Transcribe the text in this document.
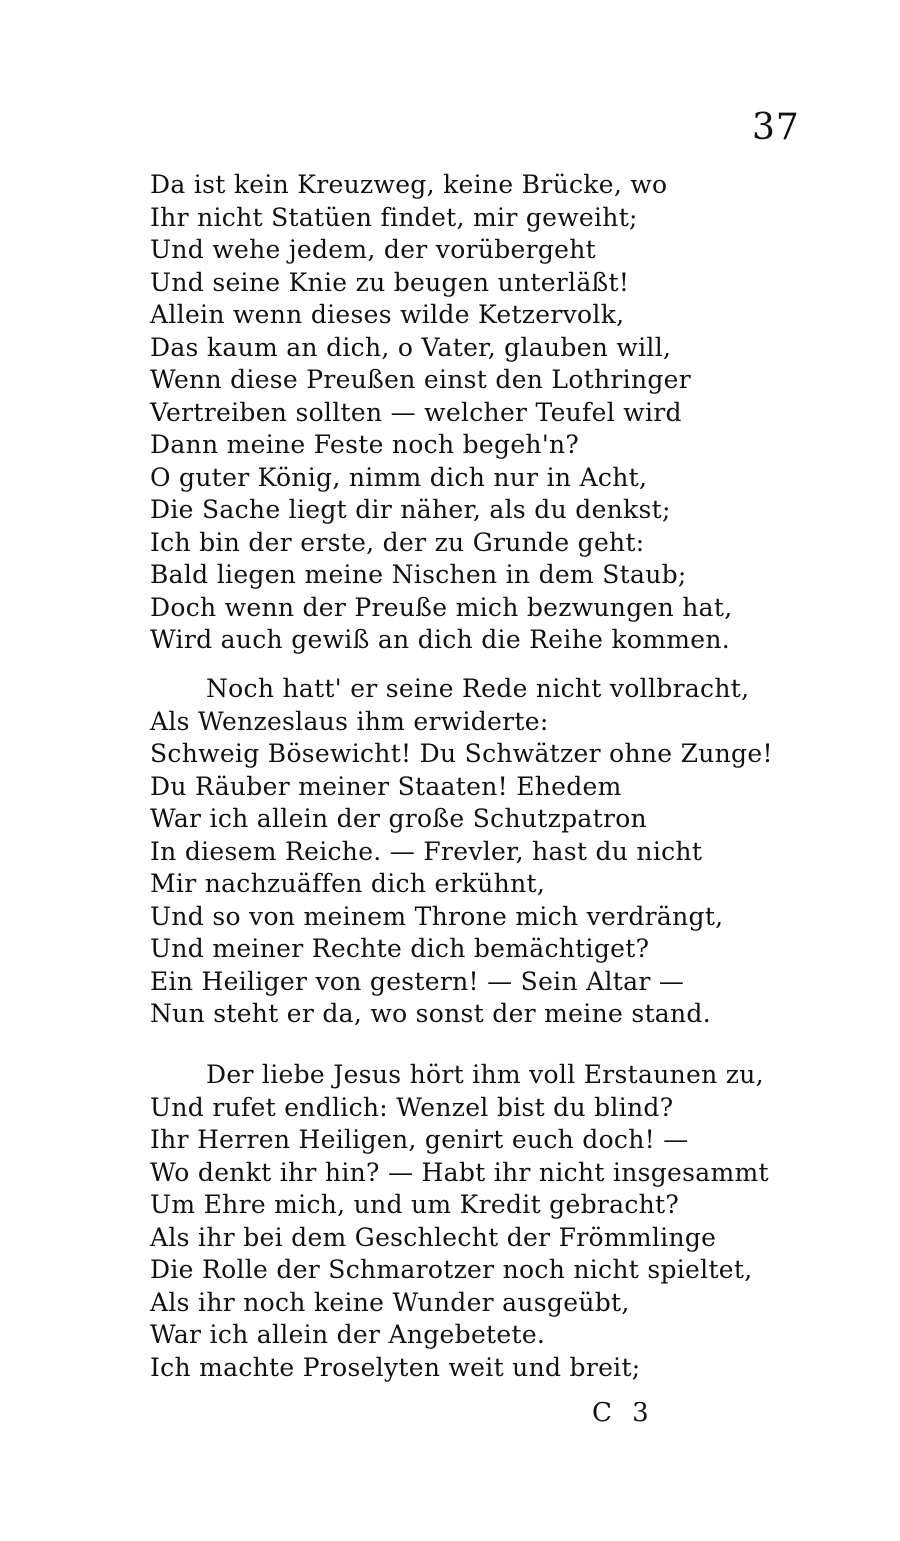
37
Da ist kein Kreuzweg, keine Brücke, wo
Ihr nicht Statüen findet, mir geweiht;
Und wehe jedem, der vorübergeht
Und seine Knie zu beugen unterläßt!
Allein wenn dieses wilde Ketzervolk,
Das kaum an dich, o Vater, glauben will,
Wenn diese Preußen einst den Lothringer
Vertreiben sollten — welcher Teufel wird
Dann meine Feste noch begeh'n?
O guter König, nimm dich nur in Acht,
Die Sache liegt dir näher, als du denkst;
Ich bin der erste, der zu Grunde geht:
Bald liegen meine Nischen in dem Staub;
Doch wenn der Preuße mich bezwungen hat,
Wird auch gewiß an dich die Reihe kommen.
Noch hatt' er seine Rede nicht vollbracht,
Als Wenzeslaus ihm erwiderte:
Schweig Bösewicht! Du Schwätzer ohne Zunge!
Du Räuber meiner Staaten! Ehedem
War ich allein der große Schutzpatron
In diesem Reiche. — Frevler, hast du nicht
Mir nachzuäffen dich erkühnt,
Und so von meinem Throne mich verdrängt,
Und meiner Rechte dich bemächtiget?
Ein Heiliger von gestern! — Sein Altar —
Nun steht er da, wo sonst der meine stand.
Der liebe Jesus hört ihm voll Erstaunen zu,
Und rufet endlich: Wenzel bist du blind?
Ihr Herren Heiligen, genirt euch doch! —
Wo denkt ihr hin? — Habt ihr nicht insgesammt
Um Ehre mich, und um Kredit gebracht?
Als ihr bei dem Geschlecht der Frömmlinge
Die Rolle der Schmarotzer noch nicht spieltet,
Als ihr noch keine Wunder ausgeübt,
War ich allein der Angebetete.
Ich machte Proselyten weit und breit;
C 3
